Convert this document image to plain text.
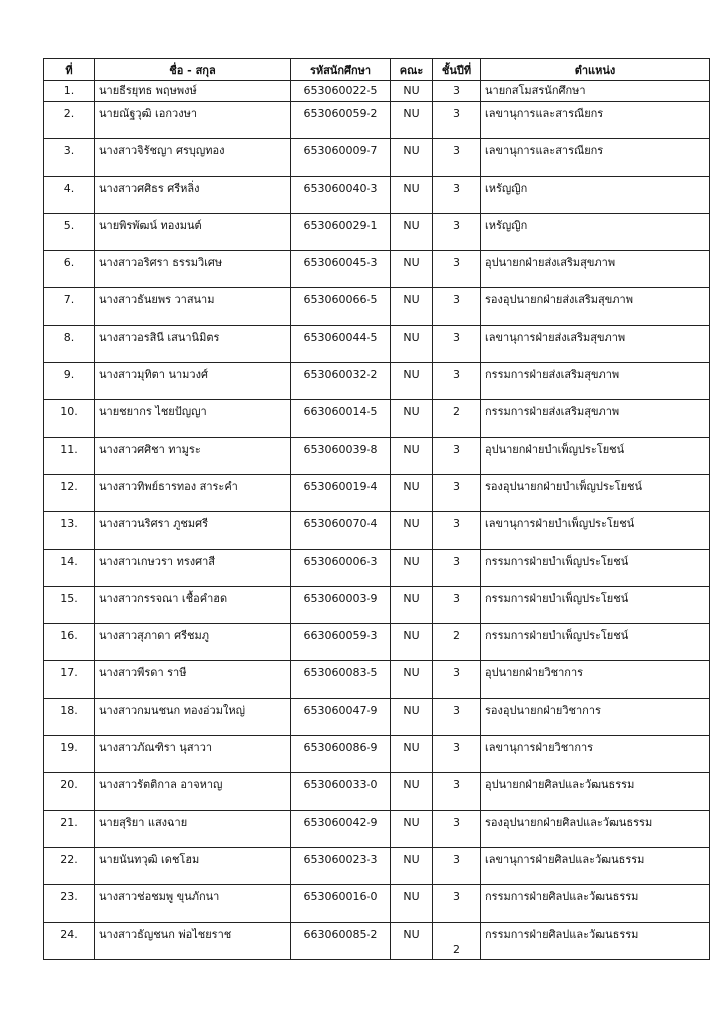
ที่	ชื่อ - สกุล	รหัสนักศึกษา	คณะ	ชั้นปีที่	ตำแหน่ง
1.	นายธีรยุทธ พฤษพงษ์	653060022-5	NU	3	นายกสโมสรนักศึกษา
2.	นายณัฐวุฒิ เอกวงษา	653060059-2	NU	3	เลขานุการและสารณียกร
3.	นางสาวจิรัชญา ศรบุญทอง	653060009-7	NU	3	เลขานุการและสารณียกร
4.	นางสาวศศิธร ศรีหลิ่ง	653060040-3	NU	3	เหรัญญิก
5.	นายพิรพัฒน์ ทองมนต์	653060029-1	NU	3	เหรัญญิก
6.	นางสาวอริศรา ธรรมวิเศษ	653060045-3	NU	3	อุปนายกฝ่ายส่งเสริมสุขภาพ
7.	นางสาวธันยพร วาสนาม	653060066-5	NU	3	รองอุปนายกฝ่ายส่งเสริมสุขภาพ
8.	นางสาวอรสินี เสนานิมิตร	653060044-5	NU	3	เลขานุการฝ่ายส่งเสริมสุขภาพ
9.	นางสาวมุทิตา นามวงศ์	653060032-2	NU	3	กรรมการฝ่ายส่งเสริมสุขภาพ
10.	นายชยากร ไชยปัญญา	663060014-5	NU	2	กรรมการฝ่ายส่งเสริมสุขภาพ
11.	นางสาวศศิชา ทามูระ	653060039-8	NU	3	อุปนายกฝ่ายบำเพ็ญประโยชน์
12.	นางสาวทิพย์ธารทอง สาระคำ	653060019-4	NU	3	รองอุปนายกฝ่ายบำเพ็ญประโยชน์
13.	นางสาวนริศรา ภูชมศรี	653060070-4	NU	3	เลขานุการฝ่ายบำเพ็ญประโยชน์
14.	นางสาวเกษวรา ทรงศาสี	653060006-3	NU	3	กรรมการฝ่ายบำเพ็ญประโยชน์
15.	นางสาวกรรจณา เชื้อคำฮด	653060003-9	NU	3	กรรมการฝ่ายบำเพ็ญประโยชน์
16.	นางสาวสุภาดา ศรีชมภู	663060059-3	NU	2	กรรมการฝ่ายบำเพ็ญประโยชน์
17.	นางสาวพีรดา ราษี	653060083-5	NU	3	อุปนายกฝ่ายวิชาการ
18.	นางสาวกมนชนก ทองอ่วมใหญ่	653060047-9	NU	3	รองอุปนายกฝ่ายวิชาการ
19.	นางสาวภัณฑิรา นุสาวา	653060086-9	NU	3	เลขานุการฝ่ายวิชาการ
20.	นางสาวรัตติกาล อาจหาญ	653060033-0	NU	3	อุปนายกฝ่ายศิลปและวัฒนธรรม
21.	นายสุริยา แสงฉาย	653060042-9	NU	3	รองอุปนายกฝ่ายศิลปและวัฒนธรรม
22.	นายนันทวุฒิ เดชโฮม	653060023-3	NU	3	เลขานุการฝ่ายศิลปและวัฒนธรรม
23.	นางสาวช่อชมพู ขุนภักนา	653060016-0	NU	3	กรรมการฝ่ายศิลปและวัฒนธรรม
24.	นางสาวธัญชนก พ่อไชยราช	663060085-2	NU	2	กรรมการฝ่ายศิลปและวัฒนธรรม
